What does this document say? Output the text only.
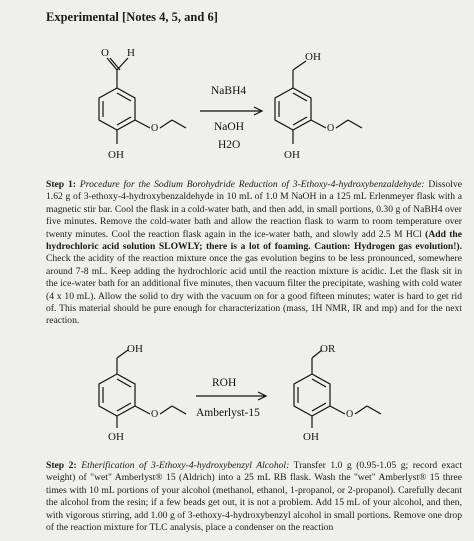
Experimental [Notes 4, 5, and 6]
O H
OH
O
NaBH4
NaOH
H2O
OH
OH
O
Step 1: Procedure for the Sodium Borohydride Reduction of 3-Ethoxy-4-hydroxybenzaldehyde: Dissolve 1.62 g of 3-ethoxy-4-hydroxybenzaldehyde in 10 mL of 1.0 M NaOH in a 125 mL Erlenmeyer flask with a magnetic stir bar. Cool the flask in a cold-water bath, and then add, in small portions, 0.30 g of NaBH4 over five minutes. Remove the cold-water bath and allow the reaction flask to warm to room temperature over twenty minutes. Cool the reaction flask again in the ice-water bath, and slowly add 2.5 M HCl (Add the hydrochloric acid solution SLOWLY; there is a lot of foaming. Caution: Hydrogen gas evolution!). Check the acidity of the reaction mixture once the gas evolution begins to be less pronounced, somewhere around 7-8 mL. Keep adding the hydrochloric acid until the reaction mixture is acidic. Let the flask sit in the ice-water bath for an additional five minutes, then vacuum filter the precipitate, washing with cold water (4 x 10 mL). Allow the solid to dry with the vacuum on for a good fifteen minutes; water is hard to get rid of. This material should be pure enough for characterization (mass, 1H NMR, IR and mp) and for the next reaction.
OH
OH
O
ROH
Amberlyst-15
OR
OH
O
Step 2: Etherification of 3-Ethoxy-4-hydroxybenzyl Alcohol: Transfer 1.0 g (0.95-1.05 g; record exact weight) of "wet" Amberlyst® 15 (Aldrich) into a 25 mL RB flask. Wash the "wet" Amberlyst® 15 three times with 10 mL portions of your alcohol (methanol, ethanol, 1-propanol, or 2-propanol). Carefully decant the alcohol from the resin; if a few beads get out, it is not a problem. Add 15 mL of your alcohol, and then, with vigorous stirring, add 1.00 g of 3-ethoxy-4-hydroxybenzyl alcohol in small portions. Remove one drop of the reaction mixture for TLC analysis, place a condenser on the reaction
